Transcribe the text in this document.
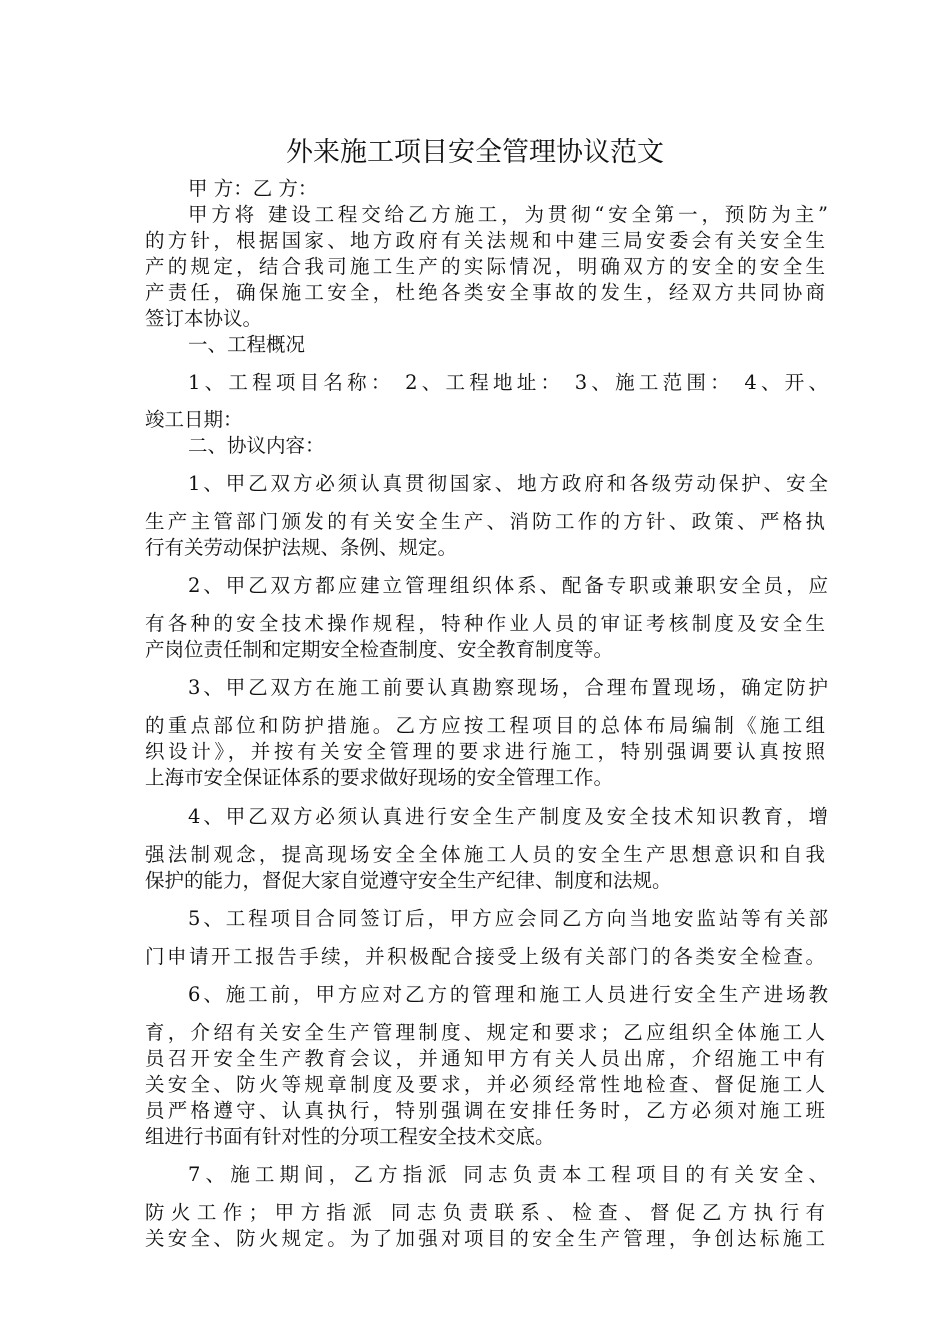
外来施工项目安全管理协议范文
甲 方：乙 方：
甲方将 建设工程交给乙方施工，为贯彻“安全第一，预防为主”
的方针，根据国家、地方政府有关法规和中建三局安委会有关安全生
产的规定，结合我司施工生产的实际情况，明确双方的安全的安全生
产责任，确保施工安全，杜绝各类安全事故的发生，经双方共同协商
签订本协议。
一、工程概况
1、工程项目名称： 2、工程地址： 3、施工范围： 4、开、
竣工日期：
二、协议内容：
1、甲乙双方必须认真贯彻国家、地方政府和各级劳动保护、安全
生产主管部门颁发的有关安全生产、消防工作的方针、政策、严格执
行有关劳动保护法规、条例、规定。
2、甲乙双方都应建立管理组织体系、配备专职或兼职安全员，应
有各种的安全技术操作规程，特种作业人员的审证考核制度及安全生
产岗位责任制和定期安全检查制度、安全教育制度等。
3、甲乙双方在施工前要认真勘察现场，合理布置现场，确定防护
的重点部位和防护措施。乙方应按工程项目的总体布局编制《施工组
织设计》，并按有关安全管理的要求进行施工，特别强调要认真按照
上海市安全保证体系的要求做好现场的安全管理工作。
4、甲乙双方必须认真进行安全生产制度及安全技术知识教育，增
强法制观念，提高现场安全全体施工人员的安全生产思想意识和自我
保护的能力，督促大家自觉遵守安全生产纪律、制度和法规。
5、工程项目合同签订后，甲方应会同乙方向当地安监站等有关部
门申请开工报告手续，并积极配合接受上级有关部门的各类安全检查。
6、施工前，甲方应对乙方的管理和施工人员进行安全生产进场教
育，介绍有关安全生产管理制度、规定和要求；乙应组织全体施工人
员召开安全生产教育会议，并通知甲方有关人员出席，介绍施工中有
关安全、防火等规章制度及要求，并必须经常性地检查、督促施工人
员严格遵守、认真执行，特别强调在安排任务时，乙方必须对施工班
组进行书面有针对性的分项工程安全技术交底。
7、施工期间，乙方指派 同志负责本工程项目的有关安全、
防火工作；甲方指派 同志负责联系、检查、督促乙方执行有
关安全、防火规定。为了加强对项目的安全生产管理，争创达标施工
